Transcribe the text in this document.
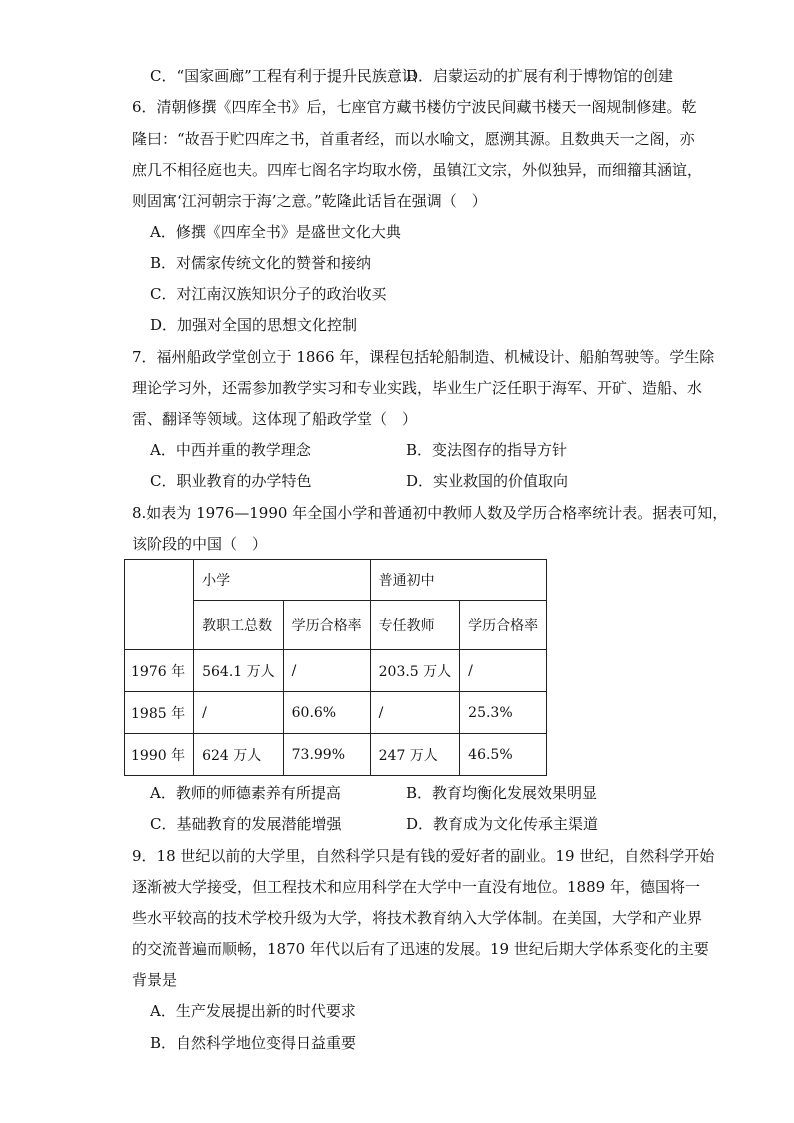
C．“国家画廊”工程有利于提升民族意识
D．启蒙运动的扩展有利于博物馆的创建
6．清朝修撰《四库全书》后，七座官方藏书楼仿宁波民间藏书楼天一阁规制修建。乾
隆曰：“故吾于贮四库之书，首重者经，而以水喻文，愿溯其源。且数典天一之阁，亦
庶几不相径庭也夫。四库七阁名字均取水傍，虽镇江文宗，外似独异，而细籀其涵谊，
则固寓‘江河朝宗于海’之意。”乾隆此话旨在强调（　）
A．修撰《四库全书》是盛世文化大典
B．对儒家传统文化的赞誉和接纳
C．对江南汉族知识分子的政治收买
D．加强对全国的思想文化控制
7．福州船政学堂创立于 1866 年，课程包括轮船制造、机械设计、船舶驾驶等。学生除
理论学习外，还需参加教学实习和专业实践，毕业生广泛任职于海军、开矿、造船、水
雷、翻译等领域。这体现了船政学堂（　）
A．中西并重的教学理念	B．变法图存的指导方针
C．职业教育的办学特色	D．实业救国的价值取向
8.如表为 1976—1990 年全国小学和普通初中教师人数及学历合格率统计表。据表可知，
该阶段的中国（　）
	小学		普通初中	
	教职工总数	学历合格率	专任教师	学历合格率
1976 年	564.1 万人	/	203.5 万人	/
1985 年	/	60.6%	/	25.3%
1990 年	624 万人	73.99%	247 万人	46.5%
A．教师的师德素养有所提高	B．教育均衡化发展效果明显
C．基础教育的发展潜能增强	D．教育成为文化传承主渠道
9．18 世纪以前的大学里，自然科学只是有钱的爱好者的副业。19 世纪，自然科学开始
逐渐被大学接受，但工程技术和应用科学在大学中一直没有地位。1889 年，德国将一
些水平较高的技术学校升级为大学，将技术教育纳入大学体制。在美国，大学和产业界
的交流普遍而顺畅，1870 年代以后有了迅速的发展。19 世纪后期大学体系变化的主要
背景是
A．生产发展提出新的时代要求
B．自然科学地位变得日益重要
